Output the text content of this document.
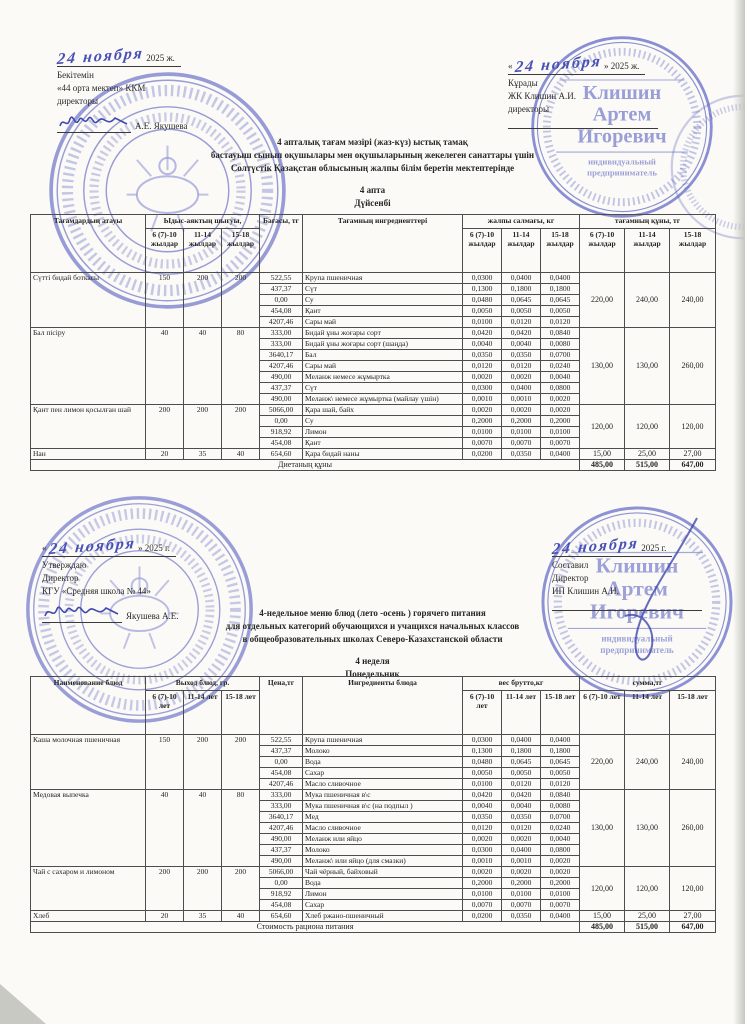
Клишин
Артем
Игоревич
индивидуальный
предприниматель
Клишин
Артем
Игоревич
индивидуальный
предприниматель
24 ноября 2025 ж.
Бекітемін
«44 орта мектеп» ККМ
директоры
А.Е. Якушева
« 24 ноября » 2025 ж.
Кұрады
ЖК Клишин А.И.
директоры
« 24 ноября » 2025 г.
Утверждаю
Директор
КГУ «Средняя школа № 44»
Якушева А.Е.
24 ноября 2025 г.
Составил
Директор
ИП Клишин А.И.
4 апталық тағам мәзірі (жаз-күз) ыстық тамақ
бастауыш сынып оқушылары мен оқушыларының жекелеген санаттары үшін
Солтүстік Қазақстан облысының жалпы білім беретін мектептерінде
4 апта
Дүйсенбі
Тағамдардың атауы	Ыдыс-аяктың шығуы,			Бағасы, тг	Тағамның ингредиенттері	жалпы салмағы, кг			тағамның құны, тг		
	6 (7)-10 жылдар	11-14 жылдар	15-18 жылдар			6 (7)-10 жылдар	11-14 жылдар	15-18 жылдар	6 (7)-10 жылдар	11-14 жылдар	15-18 жылдар
Сүтті бидай боткасы	150	200	200	522,55	Крупа пшеничная	0,0300	0,0400	0,0400	220,00	240,00	240,00
				437,37	Сүт	0,1300	0,1800	0,1800			
				0,00	Су	0,0480	0,0645	0,0645			
				454,08	Қант	0,0050	0,0050	0,0050			
				4207,46	Сары май	0,0100	0,0120	0,0120			
Бал пісіру	40	40	80	333,00	Бидай ұны жоғары сорт	0,0420	0,0420	0,0840	130,00	130,00	260,00
				333,00	Бидай ұны жоғары сорт (шаңда)	0,0040	0,0040	0,0080			
				3640,17	Бал	0,0350	0,0350	0,0700			
				4207,46	Сары май	0,0120	0,0120	0,0240			
				490,00	Меланж немесе жұмыртка	0,0020	0,0020	0,0040			
				437,37	Сүт	0,0300	0,0400	0,0800			
				490,00	Меланж\ немесе жұмыртка (майлау үшін)	0,0010	0,0010	0,0020			
Қант пен лимон қосылған шай	200	200	200	5066,00	Қара шай, байх	0,0020	0,0020	0,0020	120,00	120,00	120,00
				0,00	Су	0,2000	0,2000	0,2000			
				918,92	Лимон	0,0100	0,0100	0,0100			
				454,08	Қант	0,0070	0,0070	0,0070			
Нан	20	35	40	654,60	Қара бидай наны	0,0200	0,0350	0,0400	15,00	25,00	27,00
Диетаның құны									485,00	515,00	647,00
4-недельное меню блюд (лето -осень ) горячего питания
для отдельных категорий обучающихся и учащихся начальных классов
в общеобразовательных школах Северо-Казахстанской области
4 неделя
Понедельник
Наименование блюд	Выход блюд, гр.			Цена,тг	Ингредиенты блюда	вес брутто,кг			сумма,тг		
	6 (7)-10 лет	11-14 лет	15-18 лет			6 (7)-10 лет	11-14 лет	15-18 лет	6 (7)-10 лет	11-14 лет	15-18 лет
Каша молочная пшеничная	150	200	200	522,55	Крупа пшеничная	0,0300	0,0400	0,0400	220,00	240,00	240,00
				437,37	Молоко	0,1300	0,1800	0,1800			
				0,00	Вода	0,0480	0,0645	0,0645			
				454,08	Сахар	0,0050	0,0050	0,0050			
				4207,46	Масло сливочное	0,0100	0,0120	0,0120			
Медовая выпечка	40	40	80	333,00	Мука пшеничная в\с	0,0420	0,0420	0,0840	130,00	130,00	260,00
				333,00	Мука пшеничная в\с (на подпыл )	0,0040	0,0040	0,0080			
				3640,17	Мед	0,0350	0,0350	0,0700			
				4207,46	Масло сливочное	0,0120	0,0120	0,0240			
				490,00	Меланж или яйцо	0,0020	0,0020	0,0040			
				437,37	Молоко	0,0300	0,0400	0,0800			
				490,00	Меланж\ или яйцо (для смазки)	0,0010	0,0010	0,0020			
Чай с сахаром и лимоном	200	200	200	5066,00	Чай чёрный, байховый	0,0020	0,0020	0,0020	120,00	120,00	120,00
				0,00	Вода	0,2000	0,2000	0,2000			
				918,92	Лимон	0,0100	0,0100	0,0100			
				454,08	Сахар	0,0070	0,0070	0,0070			
Хлеб	20	35	40	654,60	Хлеб ржано-пшеничный	0,0200	0,0350	0,0400	15,00	25,00	27,00
Стоимость рациона питания									485,00	515,00	647,00
